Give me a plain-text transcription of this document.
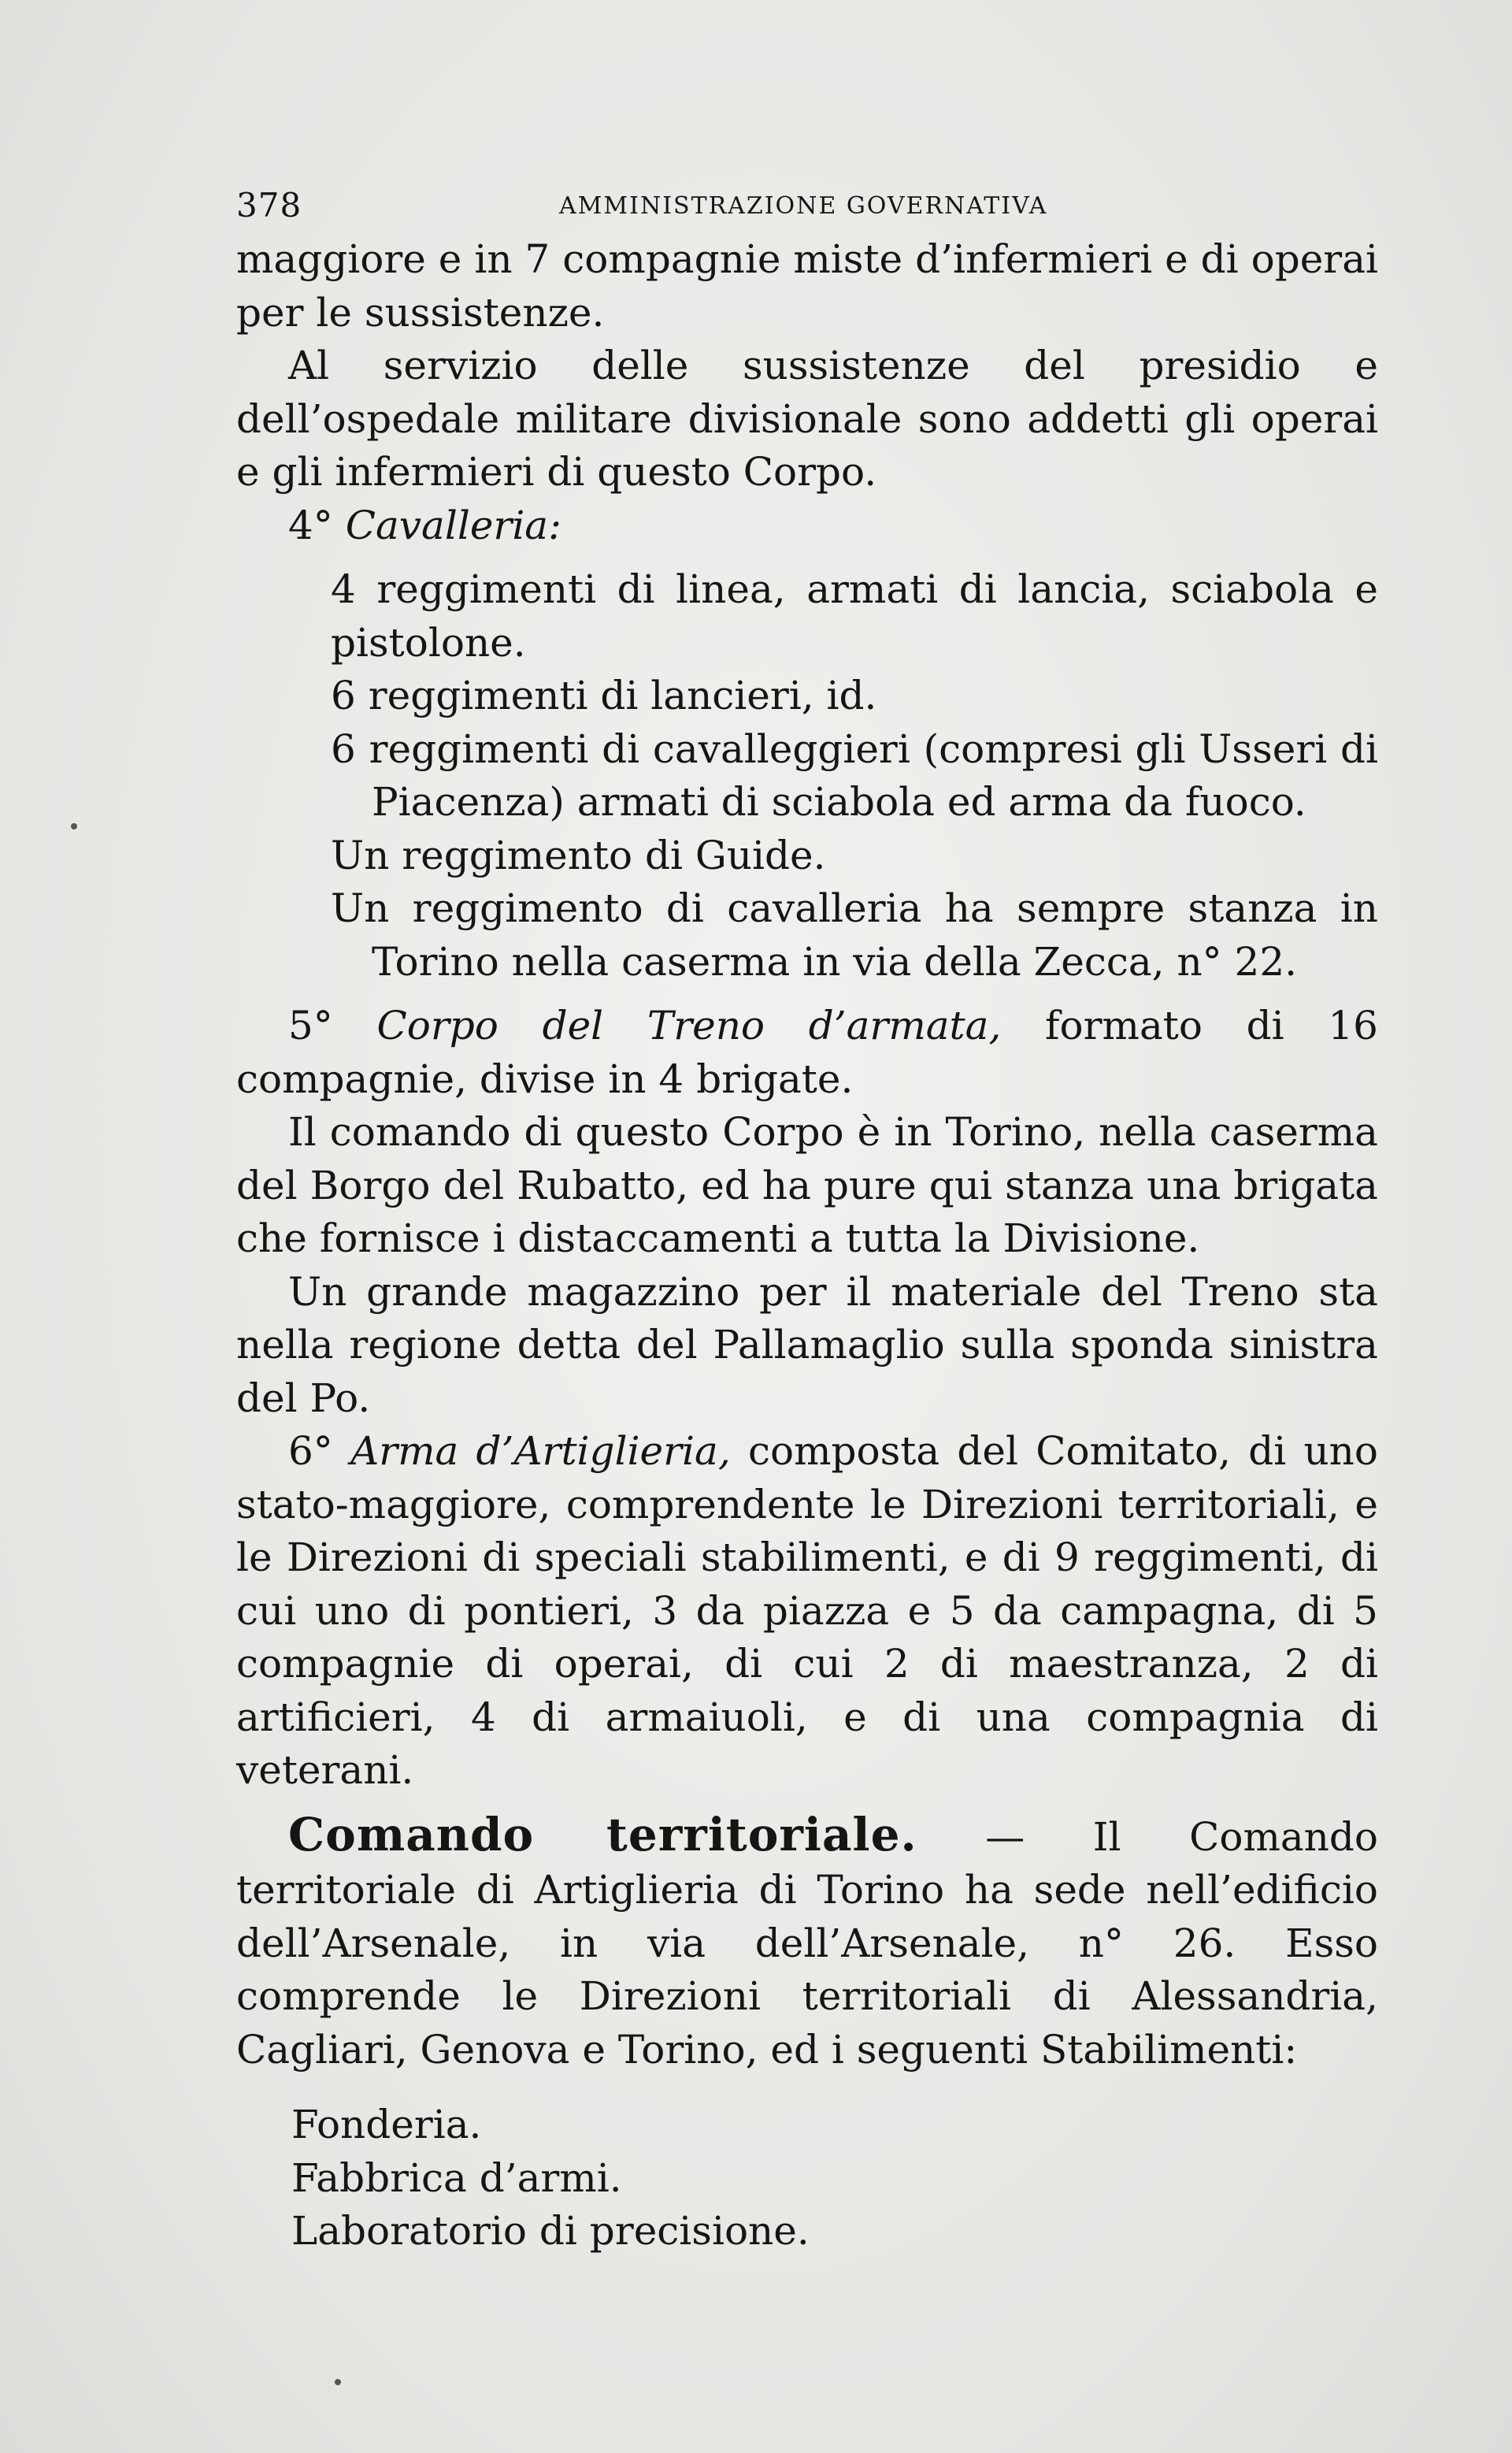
378	AMMINISTRAZIONE GOVERNATIVA

maggiore e in 7 compagnie miste d’infermieri e di operai per le sussistenze.

Al servizio delle sussistenze del presidio e dell’ospedale militare divisionale sono addetti gli operai e gli infermieri di questo Corpo.

4° Cavalleria:

4 reggimenti di linea, armati di lancia, sciabola e pistolone.

6 reggimenti di lancieri, id.

6 reggimenti di cavalleggieri (compresi gli Usseri di Piacenza) armati di sciabola ed arma da fuoco.

Un reggimento di Guide.

Un reggimento di cavalleria ha sempre stanza in Torino nella caserma in via della Zecca, n° 22.

5° Corpo del Treno d’armata, formato di 16 compagnie, divise in 4 brigate.

Il comando di questo Corpo è in Torino, nella caserma del Borgo del Rubatto, ed ha pure qui stanza una brigata che fornisce i distaccamenti a tutta la Divisione.

Un grande magazzino per il materiale del Treno sta nella regione detta del Pallamaglio sulla sponda sinistra del Po.

6° Arma d’Artiglieria, composta del Comitato, di uno stato-maggiore, comprendente le Direzioni territoriali, e le Direzioni di speciali stabilimenti, e di 9 reggimenti, di cui uno di pontieri, 3 da piazza e 5 da campagna, di 5 compagnie di operai, di cui 2 di maestranza, 2 di artificieri, 4 di armaiuoli, e di una compagnia di veterani.

Comando territoriale. — Il Comando territoriale di Artiglieria di Torino ha sede nell’edificio dell’Arsenale, in via dell’Arsenale, n° 26. Esso comprende le Direzioni territoriali di Alessandria, Cagliari, Genova e Torino, ed i seguenti Stabilimenti:

Fonderia.

Fabbrica d’armi.

Laboratorio di precisione.
